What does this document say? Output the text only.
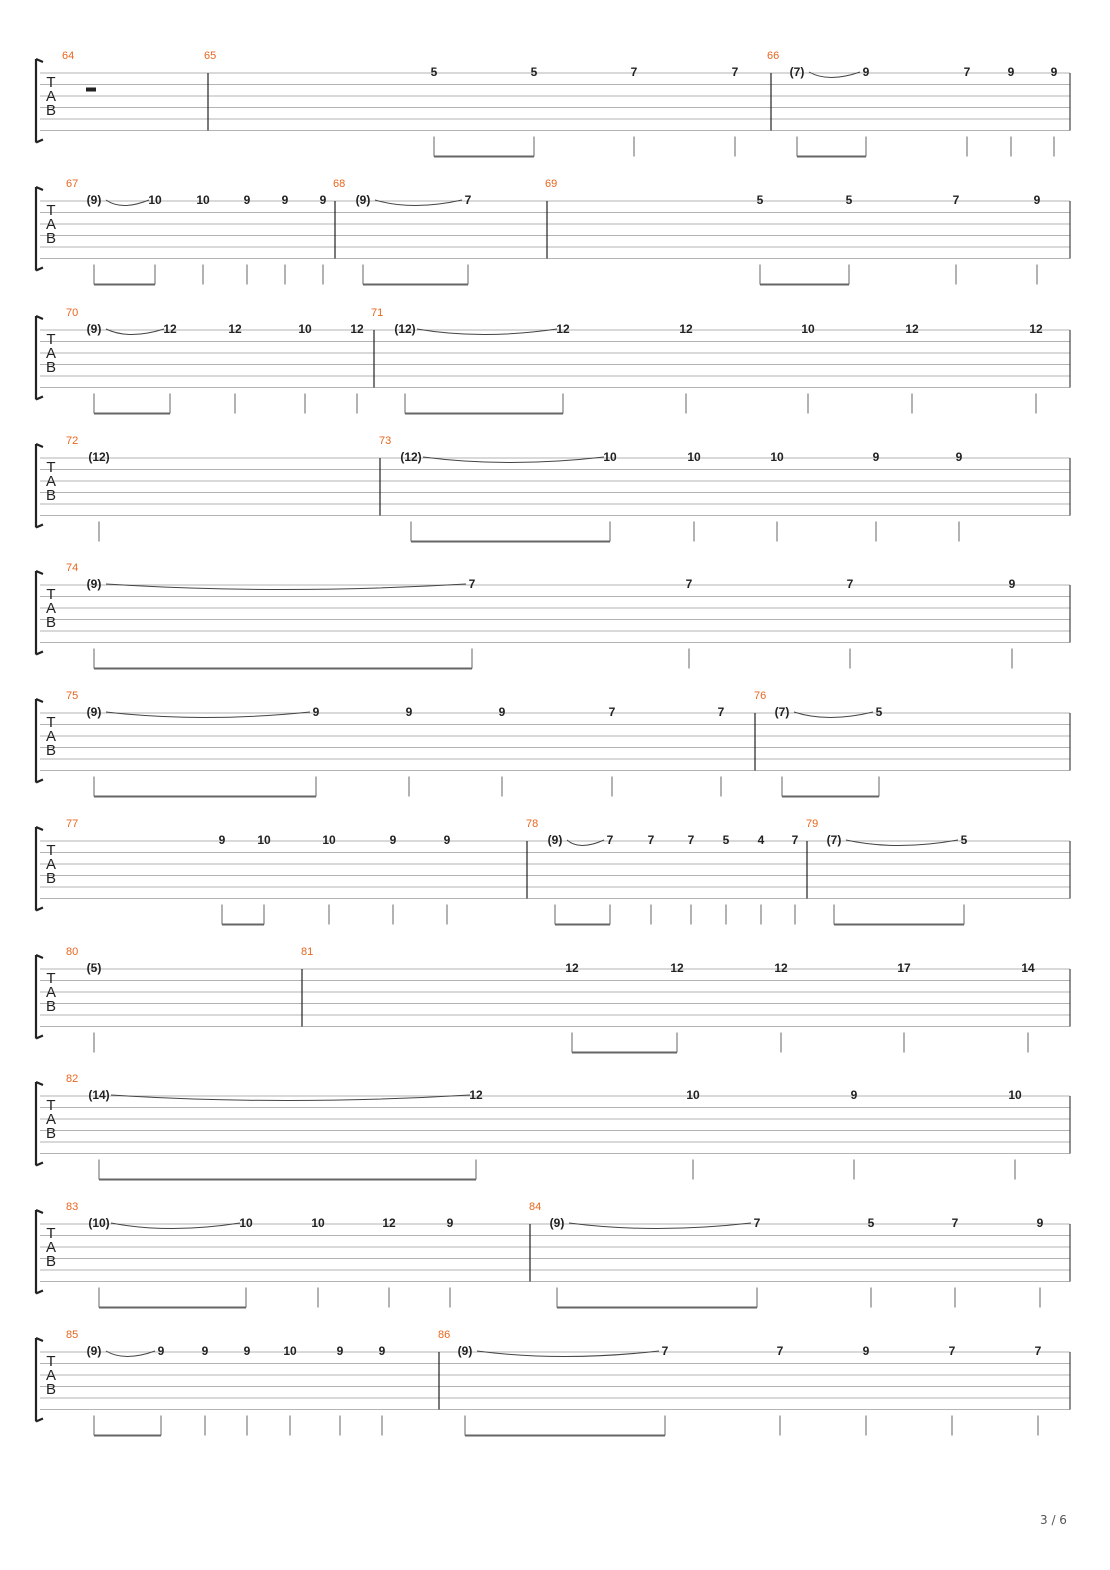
T
A
B
64	65
5	5	7	7
66
(7)	9	7	9	9
T
A
B
67
(9)	10	10	9	9	9
68
(9)	7
69
5	5	7	9
T
A
B
70
(9)	12	12	10	12
71
(12)	12	12	10	12	12
T
A
B
72
(12)
73
(12)	10	10	10	9	9
T
A
B
74
(9)	7	7	7	9
T
A
B
75
(9)	9	9	9	7	7
76
(7)	5
T
A
B
77
9	10	10	9	9
78
(9)	7	7	7 5 4 7
79
(7)	5
T
A
B
80
(5)
81
12	12	12	17	14
T
A
B
82
(14)	12	10	9	10
T
A
B
83
(10)	10	10	12	9
84
(9)	7	5	7	9
T
A
B
85
(9)	9	9	9	10	9	9
86
(9)	7	7	9	7	7
3 / 6
